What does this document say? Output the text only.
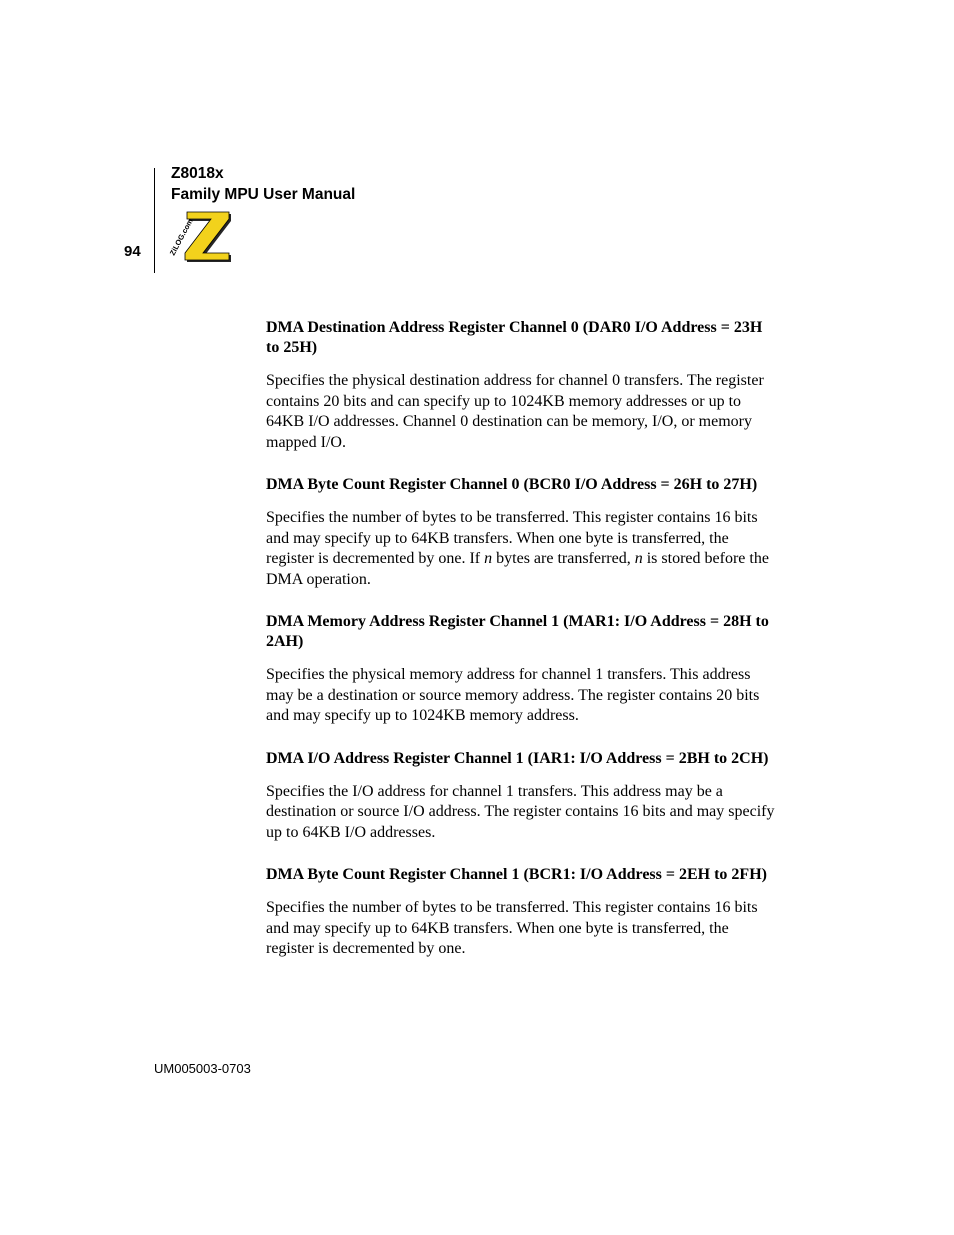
Z8018x
Family MPU User Manual
94	ZiLOG.com

DMA Destination Address Register Channel 0 (DAR0 I/O Address = 23H to 25H)

Specifies the physical destination address for channel 0 transfers. The register contains 20 bits and can specify up to 1024KB memory addresses or up to 64KB I/O addresses. Channel 0 destination can be memory, I/O, or memory mapped I/O.

DMA Byte Count Register Channel 0 (BCR0 I/O Address = 26H to 27H)

Specifies the number of bytes to be transferred. This register contains 16 bits and may specify up to 64KB transfers. When one byte is transferred, the register is decremented by one. If n bytes are transferred, n is stored before the DMA operation.

DMA Memory Address Register Channel 1 (MAR1: I/O Address = 28H to 2AH)

Specifies the physical memory address for channel 1 transfers. This address may be a destination or source memory address. The register contains 20 bits and may specify up to 1024KB memory address.

DMA I/O Address Register Channel 1 (IAR1: I/O Address = 2BH to 2CH)

Specifies the I/O address for channel 1 transfers. This address may be a destination or source I/O address. The register contains 16 bits and may specify up to 64KB I/O addresses.

DMA Byte Count Register Channel 1 (BCR1: I/O Address = 2EH to 2FH)

Specifies the number of bytes to be transferred. This register contains 16 bits and may specify up to 64KB transfers. When one byte is transferred, the register is decremented by one.

UM005003-0703
